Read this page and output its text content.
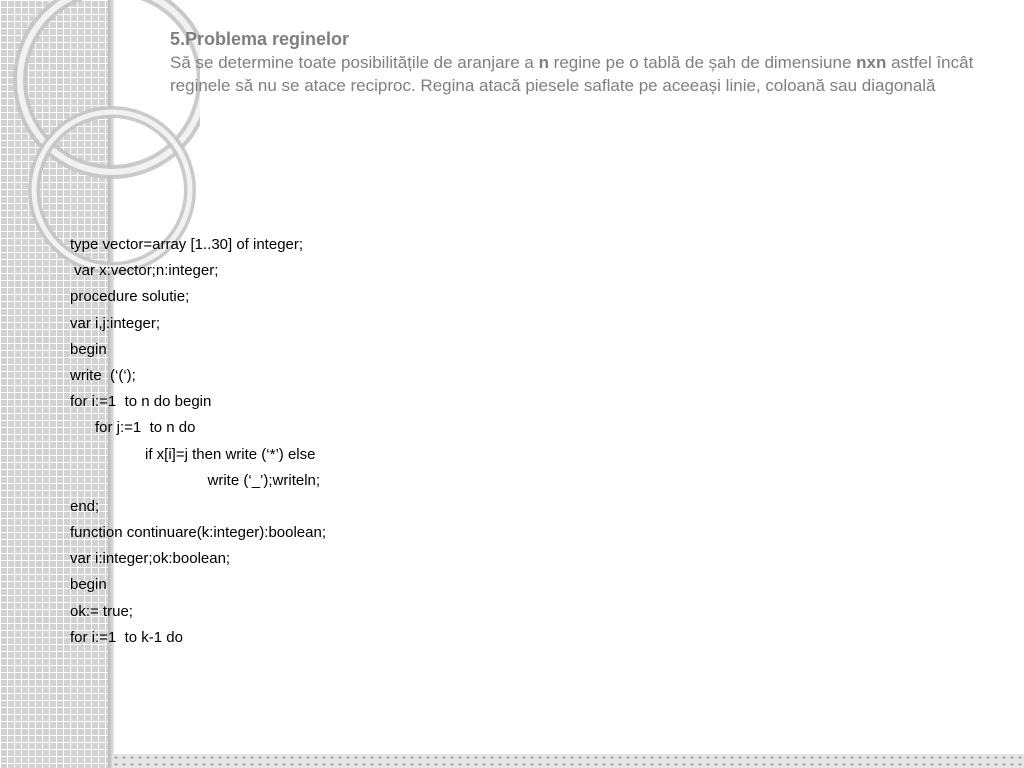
5.Problema reginelor
Să se determine toate posibilitățile de aranjare a n regine pe o tablă de șah de dimensiune nxn astfel încât reginele să nu se atace reciproc. Regina atacă piesele saflate pe aceeași linie, coloană sau diagonală
type vector=array [1..30] of integer;
var x:vector;n:integer;
procedure solutie;
var i,j:integer;
begin
write  (‘(‘);
for i:=1  to n do begin
for j:=1  to n do
if x[i]=j then write (‘*’) else
write (‘_’);writeln;
end;
function continuare(k:integer):boolean;
var i:integer;ok:boolean;
begin
ok:= true;
for i:=1  to k-1 do
